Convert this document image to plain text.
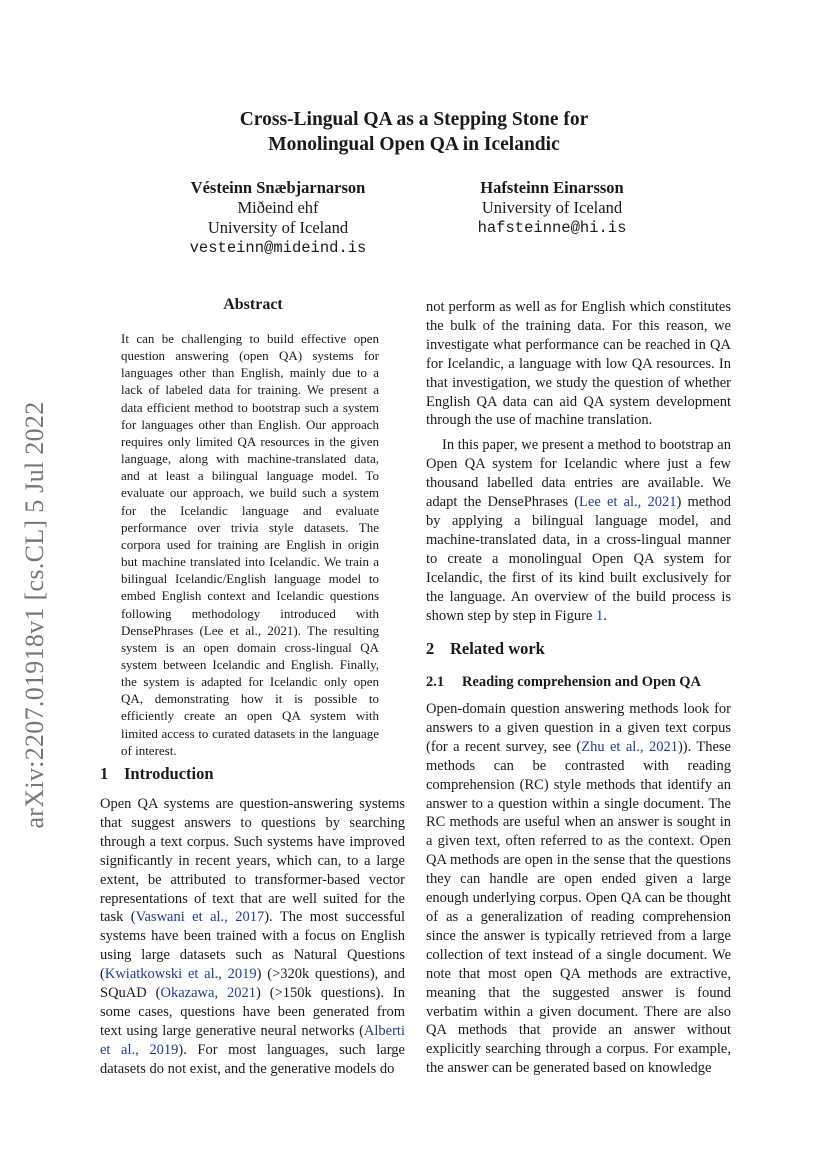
arXiv:2207.01918v1 [cs.CL] 5 Jul 2022
Cross-Lingual QA as a Stepping Stone for
Monolingual Open QA in Icelandic
Vésteinn Snæbjarnarson
Miðeind ehf
University of Iceland
vesteinn@mideind.is
Hafsteinn Einarsson
University of Iceland
hafsteinne@hi.is
Abstract

It can be challenging to build effective open question answering (open QA) systems for languages other than English, mainly due to a lack of labeled data for training. We present a data efficient method to bootstrap such a system for languages other than English. Our approach requires only limited QA resources in the given language, along with machine-translated data, and at least a bilingual language model. To evaluate our approach, we build such a system for the Icelandic language and evaluate performance over trivia style datasets. The corpora used for training are English in origin but machine translated into Icelandic. We train a bilingual Icelandic/English language model to embed English context and Icelandic questions following methodology introduced with DensePhrases (Lee et al., 2021). The resulting system is an open domain cross-lingual QA system between Icelandic and English. Finally, the system is adapted for Icelandic only open QA, demonstrating how it is possible to efficiently create an open QA system with limited access to curated datasets in the language of interest.

1 Introduction

Open QA systems are question-answering systems that suggest answers to questions by searching through a text corpus. Such systems have improved significantly in recent years, which can, to a large extent, be attributed to transformer-based vector representations of text that are well suited for the task (Vaswani et al., 2017). The most successful systems have been trained with a focus on English using large datasets such as Natural Questions (Kwiatkowski et al., 2019) (>320k questions), and SQuAD (Okazawa, 2021) (>150k questions). In some cases, questions have been generated from text using large generative neural networks (Alberti et al., 2019). For most languages, such large datasets do not exist, and the generative models do

not perform as well as for English which constitutes the bulk of the training data. For this reason, we investigate what performance can be reached in QA for Icelandic, a language with low QA resources. In that investigation, we study the question of whether English QA data can aid QA system development through the use of machine translation.

In this paper, we present a method to bootstrap an Open QA system for Icelandic where just a few thousand labelled data entries are available. We adapt the DensePhrases (Lee et al., 2021) method by applying a bilingual language model, and machine-translated data, in a cross-lingual manner to create a monolingual Open QA system for Icelandic, the first of its kind built exclusively for the language. An overview of the build process is shown step by step in Figure 1.

2 Related work
2.1 Reading comprehension and Open QA

Open-domain question answering methods look for answers to a given question in a given text corpus (for a recent survey, see (Zhu et al., 2021)). These methods can be contrasted with reading comprehension (RC) style methods that identify an answer to a question within a single document. The RC methods are useful when an answer is sought in a given text, often referred to as the context. Open QA methods are open in the sense that the questions they can handle are open ended given a large enough underlying corpus. Open QA can be thought of as a generalization of reading comprehension since the answer is typically retrieved from a large collection of text instead of a single document. We note that most open QA methods are extractive, meaning that the suggested answer is found verbatim within a given document. There are also QA methods that provide an answer without explicitly searching through a corpus. For example, the answer can be generated based on knowledge
